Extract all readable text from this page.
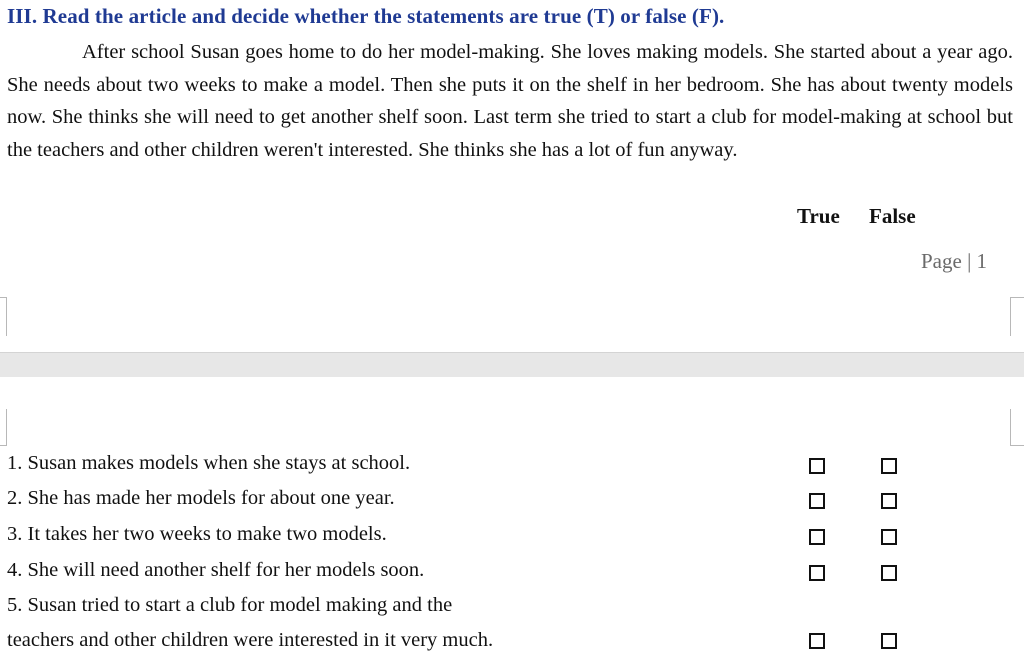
III. Read the article and decide whether the statements are true (T) or false (F).

After school Susan goes home to do her model-making. She loves making models. She started about a year ago. She needs about two weeks to make a model. Then she puts it on the shelf in her bedroom. She has about twenty models now. She thinks she will need to get another shelf soon. Last term she tried to start a club for model-making at school but the teachers and other children weren't interested. She thinks she has a lot of fun anyway.

True False
Page | 1

1. Susan makes models when she stays at school.

2. She has made her models for about one year.

3. It takes her two weeks to make two models.

4. She will need another shelf for her models soon.

5. Susan tried to start a club for model making and the

teachers and other children were interested in it very much.
